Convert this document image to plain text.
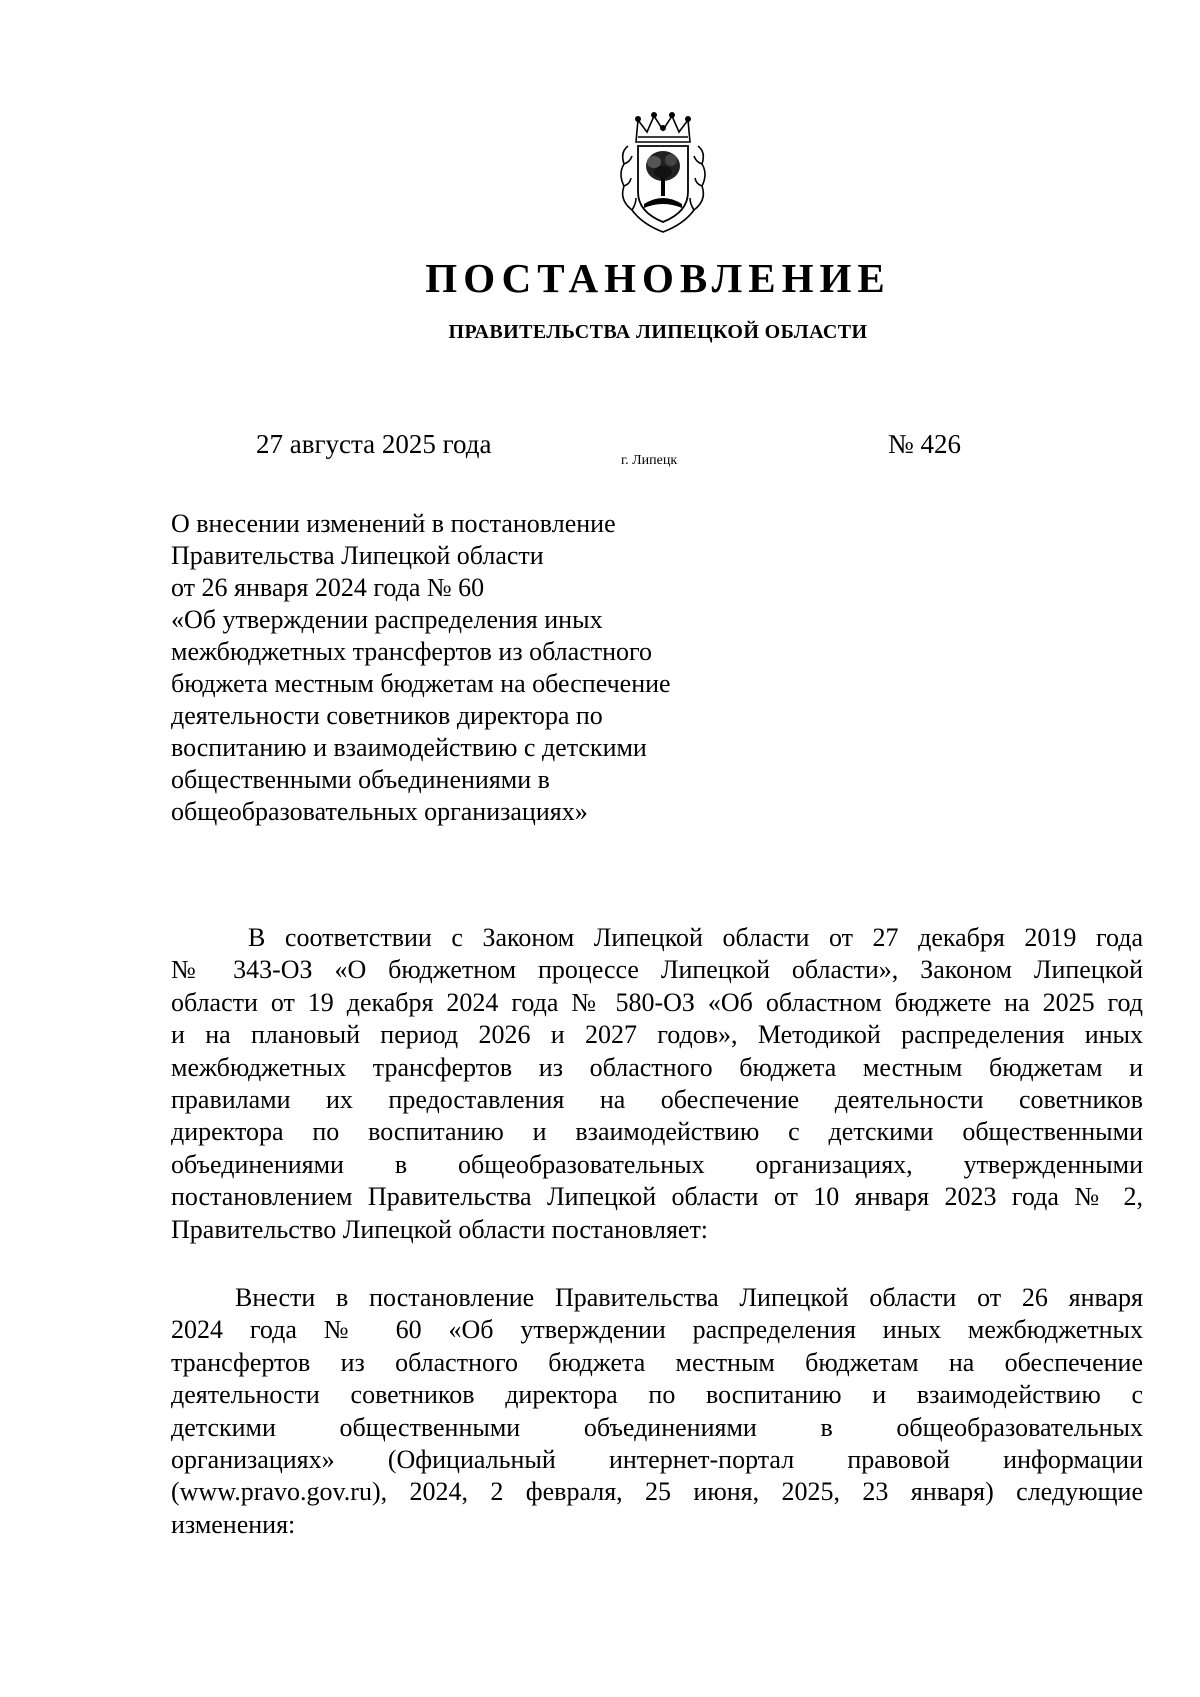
ПОСТАНОВЛЕНИЕ
ПРАВИТЕЛЬСТВА ЛИПЕЦКОЙ ОБЛАСТИ
27 августа 2025 года
г. Липецк
№ 426
О внесении изменений в постановление
Правительства Липецкой области
от 26 января 2024 года № 60
«Об утверждении распределения иных
межбюджетных трансфертов из областного
бюджета местным бюджетам на обеспечение
деятельности советников директора по
воспитанию и взаимодействию с детскими
общественными объединениями в
общеобразовательных организациях»
В соответствии с Законом Липецкой области от 27 декабря 2019 года
№ 343-ОЗ «О бюджетном процессе Липецкой области», Законом Липецкой
области от 19 декабря 2024 года № 580-ОЗ «Об областном бюджете на 2025 год
и на плановый период 2026 и 2027 годов», Методикой распределения иных
межбюджетных трансфертов из областного бюджета местным бюджетам и
правилами их предоставления на обеспечение деятельности советников
директора по воспитанию и взаимодействию с детскими общественными
объединениями в общеобразовательных организациях, утвержденными
постановлением Правительства Липецкой области от 10 января 2023 года № 2,
Правительство Липецкой области постановляет:
Внести в постановление Правительства Липецкой области от 26 января
2024 года № 60 «Об утверждении распределения иных межбюджетных
трансфертов из областного бюджета местным бюджетам на обеспечение
деятельности советников директора по воспитанию и взаимодействию с
детскими общественными объединениями в общеобразовательных
организациях» (Официальный интернет-портал правовой информации
(www.pravo.gov.ru), 2024, 2 февраля, 25 июня, 2025, 23 января) следующие
изменения:
